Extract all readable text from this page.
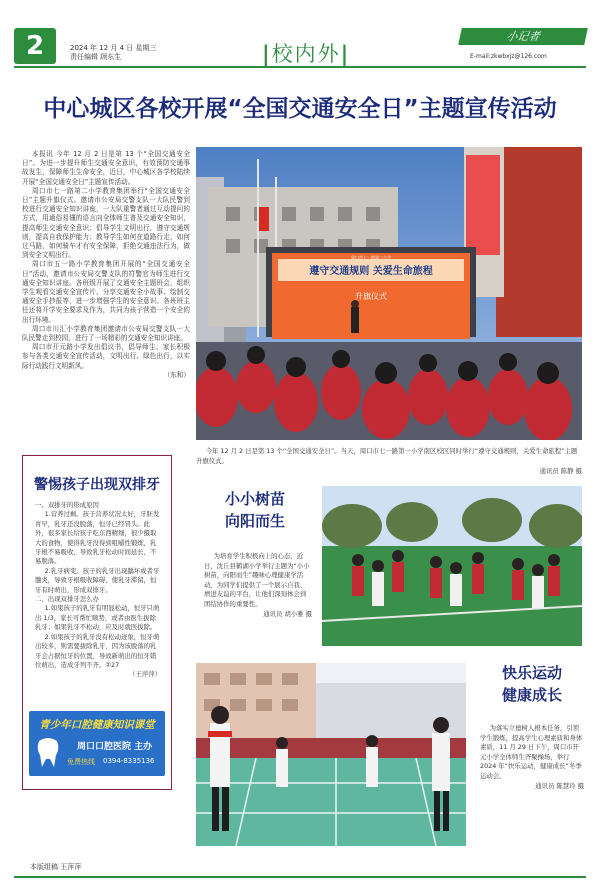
2	2024 年 12 月 4 日 星期三
责任编辑 顾东生	|校内外|
小记者
E-mail:zkwbxjz@126.com
中心城区各校开展“全国交通安全日”主题宣传活动

本报讯 今年 12 月 2 日是第 13 个“全国交通安全日”。为进一步提升师生交通安全意识，有效预防交通事故发生，保障师生生命安全，近日，中心城区各学校陆续开展“全国交通安全日”主题宣传活动。

周口市七一路第二小学教育集团举行“全国交通安全日”主题升旗仪式。邀请市公安局交警支队一大队民警到校进行交通安全知识讲座，一大队重警者通过互动提问的方式，用通俗易懂的语言向全体师生普及交通安全知识，提高师生交通安全意识；倡导学生文明出行，遵守交通规则，提高自我保护能力；教导学生如何在道路行走，如何过马路，如何骑车才有安全保障，拒绝交通违法行为，做到安全文明出行。

周口市五一路小学教育集团开展的“全国交通安全日”活动，邀请市公安局交警支队的符警官为师生进行交通安全知识讲座。各班级开展了交通安全主题班会，组织学生观看交通安全宣传片、分享交通安全小故事、绘制交通安全手抄报等，进一步增强学生的安全意识。各班班主任还将开学安全要求及作为，共同为孩子营造一个安全的出行环境。

周口市川汇小学教育集团邀请市公安局交警支队一大队民警走到校园，进行了一场精彩的交通安全知识讲座。

周口市开元路小学发出倡议书，倡导师生、家长积极参与各类交通安全宣传活动，文明出行、绿色出行，以实际行动践行文明新风。

（东和）

遵守交通规则 关爱生命旅程
升旗仪式
周口市七一路第二小学
今年 12 月 2 日是第 13 个“全国交通安全日”。当天，周口市七一路第一小学南区校区同时举行“遵守交通规则，关爱生命旅程”主题升旗仪式。
通讯员 陈静 摄
警惕孩子出现双排牙

一、双排牙的形成原因

1.营养过剩。孩子营养状况太好，牙胚发育早，乳牙还没脱落，恒牙已经冒头。此外，很多家长给孩子吃东西精细，很少摄取大的食物，使得乳牙没得到咀嚼性锻炼，乳牙根不易吸收，导致乳牙松动时间延长，不易脱落。

2.乳牙病变。孩子的乳牙出现龋坏或者牙髓炎，导致牙根吸收障碍，使乳牙滞留，恒牙有时萌出，形成双排牙。

二、出现双排牙怎么办

1.如果孩子的乳牙有明显松动，恒牙只萌出 1/3，家长可帮忙顺势，或者由医生拔除乳牙；如果乳牙不松动，应及时就医拔除。

2.如果孩子的乳牙没有松动迹象，恒牙萌出较多，则需要拔除乳牙，因为该脱落的乳牙会占据恒牙的位置，导致新萌出的恒牙错位萌出，造成牙列不齐。②27

（王萍萍）

青少年口腔健康知识课堂
周口口腔医院 主办
免费热线 0394-8335136
小小树苗
向阳而生
为培育学生积极向上的心态，近日，沈丘县鹤湖小学举行主题为“小小树苗，向阳而生”趣味心理健康学活动，为同学们提供了一个展示自我、增进友谊的平台，让他们深刻体会到团结协作的重要性。
通讯员 胡小雅 摄
快乐运动
健康成长
为落实立德树人根本任务，引领学生锻炼，提高学生心理素质和身体素质，11 月 29 日下午，周口市开元小学全体师生齐聚操场，举行 2024 年“快乐运动，健康成长”冬季运动会。
通讯员 陈慧玲 摄
本版组稿 王萍萍
